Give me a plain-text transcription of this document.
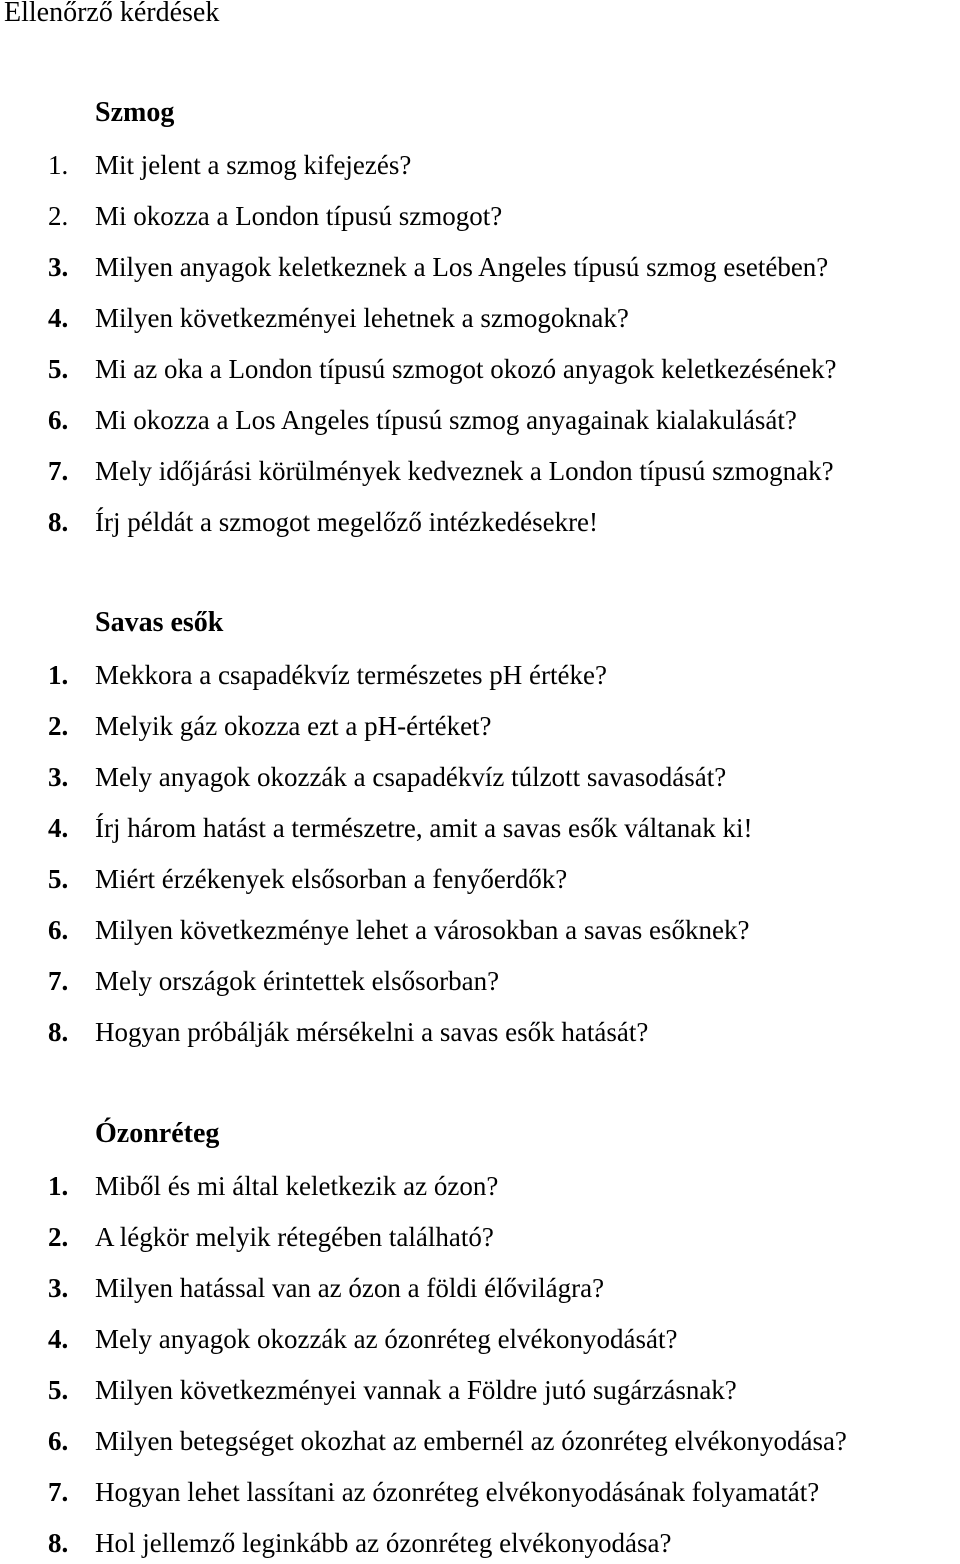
Ellenőrző kérdések
Szmog
1. Mit jelent a szmog kifejezés?
2. Mi okozza a London típusú szmogot?
3. Milyen anyagok keletkeznek a Los Angeles típusú szmog esetében?
4. Milyen következményei lehetnek a szmogoknak?
5. Mi az oka a London típusú szmogot okozó anyagok keletkezésének?
6. Mi okozza a Los Angeles típusú szmog anyagainak kialakulását?
7. Mely időjárási körülmények kedveznek a London típusú szmognak?
8. Írj példát a szmogot megelőző intézkedésekre!
Savas esők
1. Mekkora a csapadékvíz természetes pH értéke?
2. Melyik gáz okozza ezt a pH-értéket?
3. Mely anyagok okozzák a csapadékvíz túlzott savasodását?
4. Írj három hatást a természetre, amit a savas esők váltanak ki!
5. Miért érzékenyek elsősorban a fenyőerdők?
6. Milyen következménye lehet a városokban a savas esőknek?
7. Mely országok érintettek elsősorban?
8. Hogyan próbálják mérsékelni a savas esők hatását?
Ózonréteg
1. Miből és mi által keletkezik az ózon?
2. A légkör melyik rétegében található?
3. Milyen hatással van az ózon a földi élővilágra?
4. Mely anyagok okozzák az ózonréteg elvékonyodását?
5. Milyen következményei vannak a Földre jutó sugárzásnak?
6. Milyen betegséget okozhat az embernél az ózonréteg elvékonyodása?
7. Hogyan lehet lassítani az ózonréteg elvékonyodásának folyamatát?
8. Hol jellemző leginkább az ózonréteg elvékonyodása?
